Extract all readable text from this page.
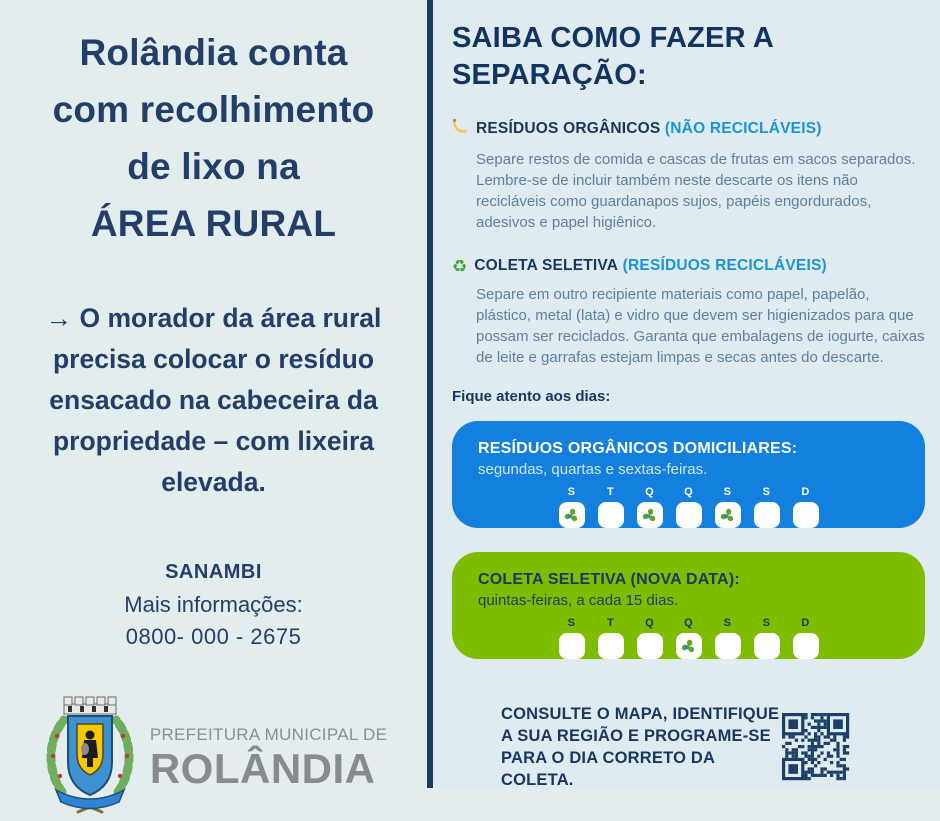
Rolândia conta
com recolhimento
de lixo na
ÁREA RURAL
→ O morador da área rural precisa colocar o resíduo ensacado na cabeceira da propriedade – com lixeira elevada.
SANAMBI
Mais informações:
0800- 000 - 2675
PREFEITURA MUNICIPAL DE
ROLÂNDIA
SAIBA COMO FAZER A SEPARAÇÃO:
RESÍDUOS ORGÂNICOS (NÃO RECICLÁVEIS)
Separe restos de comida e cascas de frutas em sacos separados. Lembre-se de incluir também neste descarte os itens não recicláveis como guardanapos sujos, papéis engordurados, adesivos e papel higiênico.
♻ COLETA SELETIVA (RESÍDUOS RECICLÁVEIS)
Separe em outro recipiente materiais como papel, papelão, plástico, metal (lata) e vidro que devem ser higienizados para que possam ser reciclados. Garanta que embalagens de iogurte, caixas de leite e garrafas estejam limpas e secas antes do descarte.
Fique atento aos dias:
RESÍDUOS ORGÂNICOS DOMICILIARES:
segundas, quartas e sextas-feiras.
S	T	Q	Q	S	S	D
COLETA SELETIVA (NOVA DATA):
quintas-feiras, a cada 15 dias.
S	T	Q	Q	S	S	D
CONSULTE O MAPA, IDENTIFIQUE
A SUA REGIÃO E PROGRAME-SE
PARA O DIA CORRETO DA COLETA.
